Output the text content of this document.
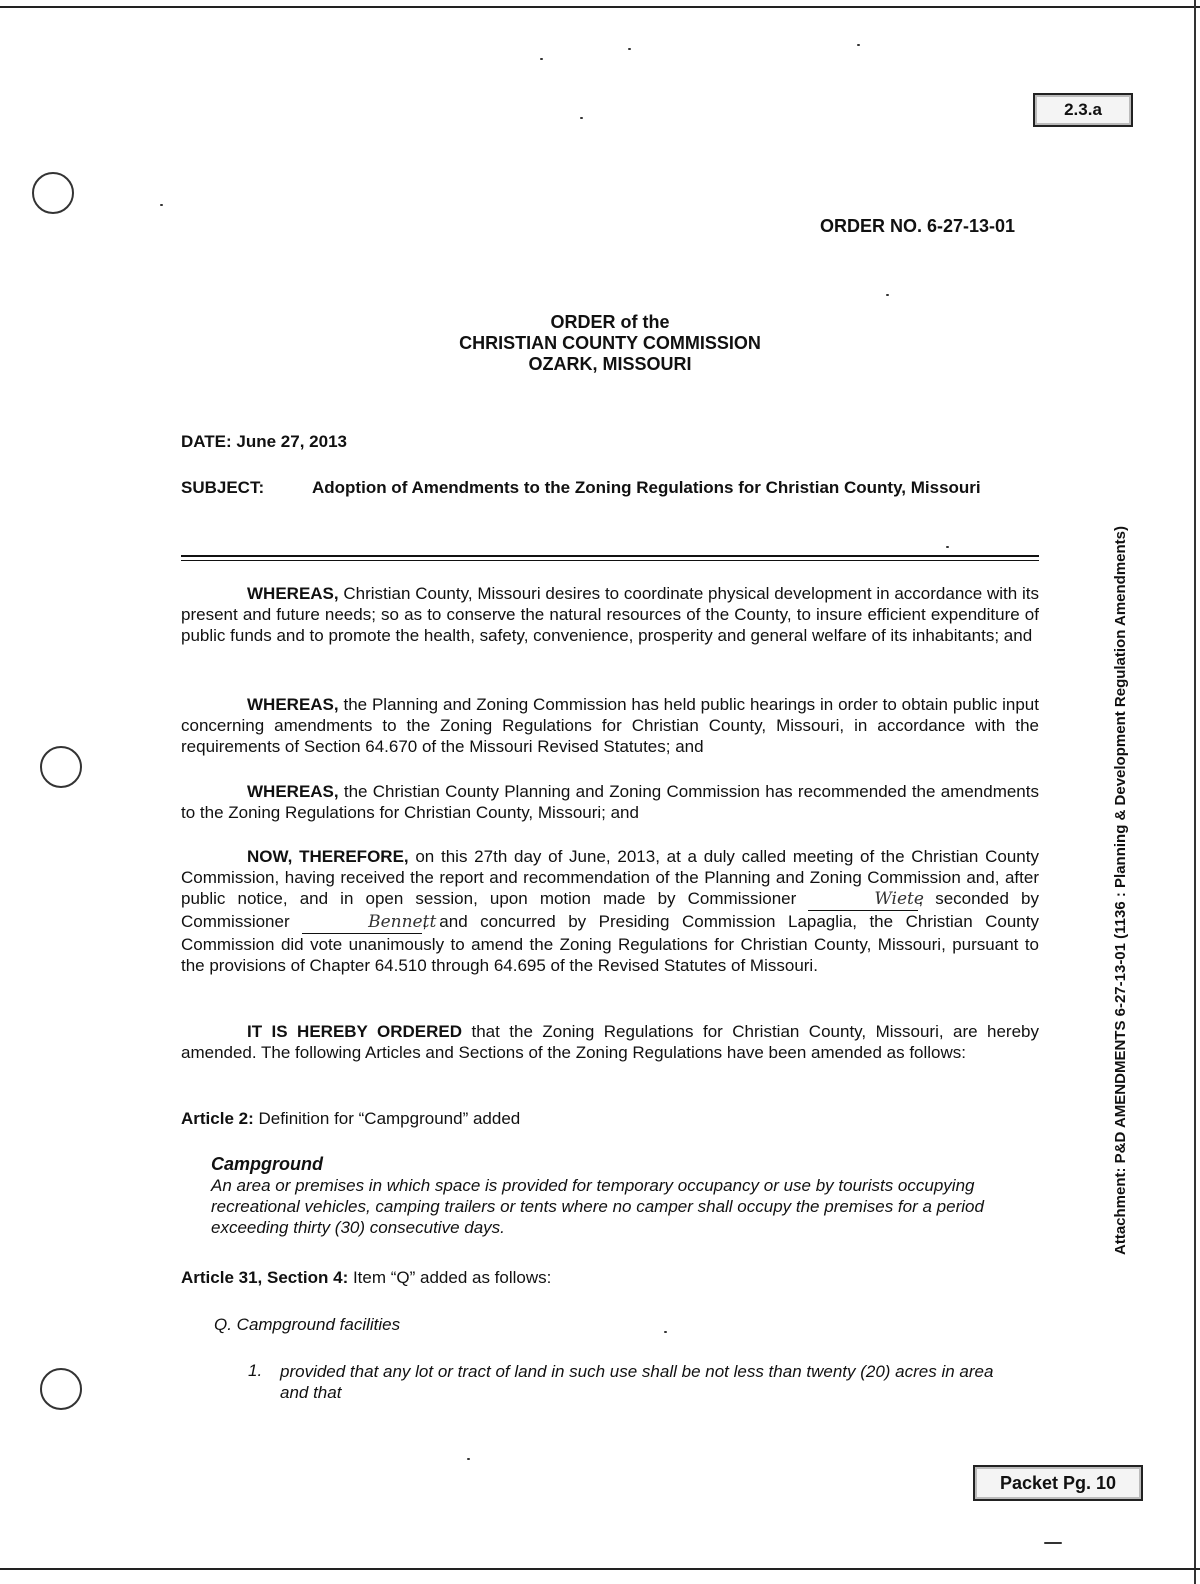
2.3.a
ORDER NO. 6-27-13-01
ORDER of the
CHRISTIAN COUNTY COMMISSION
OZARK, MISSOURI
DATE: June 27, 2013
SUBJECT:	Adoption of Amendments to the Zoning Regulations for Christian County, Missouri
WHEREAS, Christian County, Missouri desires to coordinate physical development in accordance with its present and future needs; so as to conserve the natural resources of the County, to insure efficient expenditure of public funds and to promote the health, safety, convenience, prosperity and general welfare of its inhabitants; and
WHEREAS, the Planning and Zoning Commission has held public hearings in order to obtain public input concerning amendments to the Zoning Regulations for Christian County, Missouri, in accordance with the requirements of Section 64.670 of the Missouri Revised Statutes; and
WHEREAS, the Christian County Planning and Zoning Commission has recommended the amendments to the Zoning Regulations for Christian County, Missouri; and
NOW, THEREFORE, on this 27th day of June, 2013, at a duly called meeting of the Christian County Commission, having received the report and recommendation of the Planning and Zoning Commission and, after public notice, and in open session, upon motion made by Commissioner	Wiete, seconded by Commissioner	Bennett, and concurred by Presiding Commission Lapaglia, the Christian County Commission did vote unanimously to amend the Zoning Regulations for Christian County, Missouri, pursuant to the provisions of Chapter 64.510 through 64.695 of the Revised Statutes of Missouri.
IT IS HEREBY ORDERED that the Zoning Regulations for Christian County, Missouri, are hereby amended. The following Articles and Sections of the Zoning Regulations have been amended as follows:
Article 2: Definition for “Campground” added
Campground
An area or premises in which space is provided for temporary occupancy or use by tourists occupying recreational vehicles, camping trailers or tents where no camper shall occupy the premises for a period exceeding thirty (30) consecutive days.
Article 31, Section 4: Item “Q” added as follows:
Q. Campground facilities
1. provided that any lot or tract of land in such use shall be not less than twenty (20) acres in area and that
Packet Pg. 10
Attachment: P&D AMENDMENTS 6-27-13-01 (1136 : Planning & Development Regulation Amendments)
